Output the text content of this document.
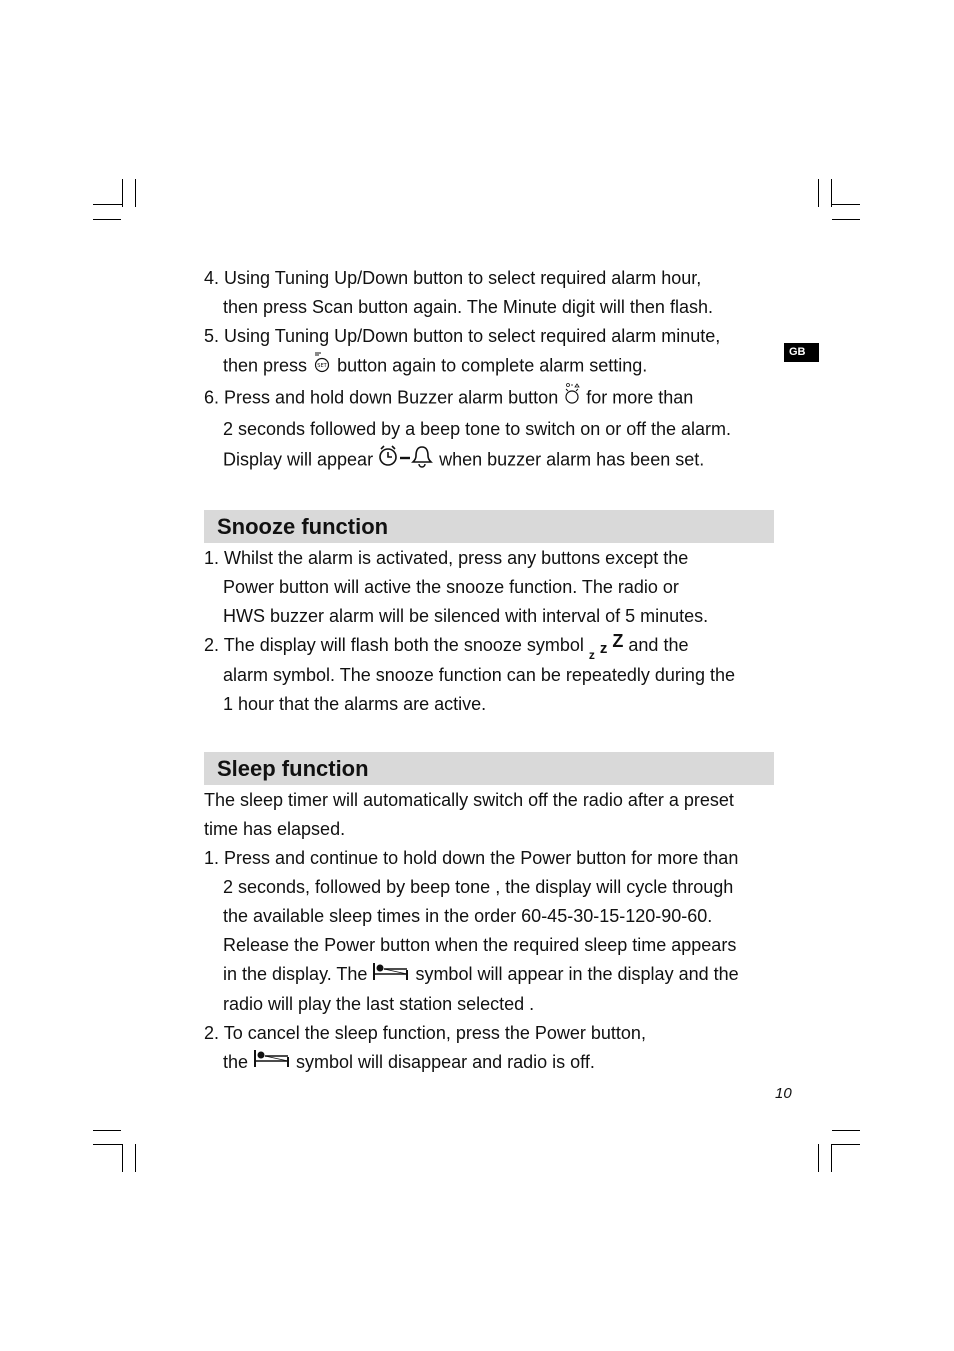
GB
4. Using Tuning Up/Down button to select required alarm hour,
then press Scan button again. The Minute digit will then flash.
5. Using Tuning Up/Down button to select required alarm minute,
then press SET button again to complete alarm setting.
6. Press and hold down Buzzer alarm button  for more than
2 seconds followed by a beep tone to switch on or off the alarm.
Display will appear	when buzzer alarm has been set.
Snooze function
1. Whilst the alarm is activated, press any buttons except the
Power button will active the snooze function. The radio or
HWS buzzer alarm will be silenced with interval of 5 minutes.
2. The display will flash both the snooze symbol $_z$ z Z and the
alarm symbol. The snooze function can be repeatedly during the
1 hour that the alarms are active.
Sleep function
The sleep timer will automatically switch off the radio after a preset
time has elapsed.
1. Press and continue to hold down the Power button for more than
2 seconds, followed by beep tone , the display will cycle through
the available sleep times in the order 60-45-30-15-120-90-60.
Release the Power button when the required sleep time appears
in the display. The  symbol will appear in the display and the
radio will play the last station selected .
2. To cancel the sleep function, press the Power button,
the  symbol will disappear and radio is off.
10
